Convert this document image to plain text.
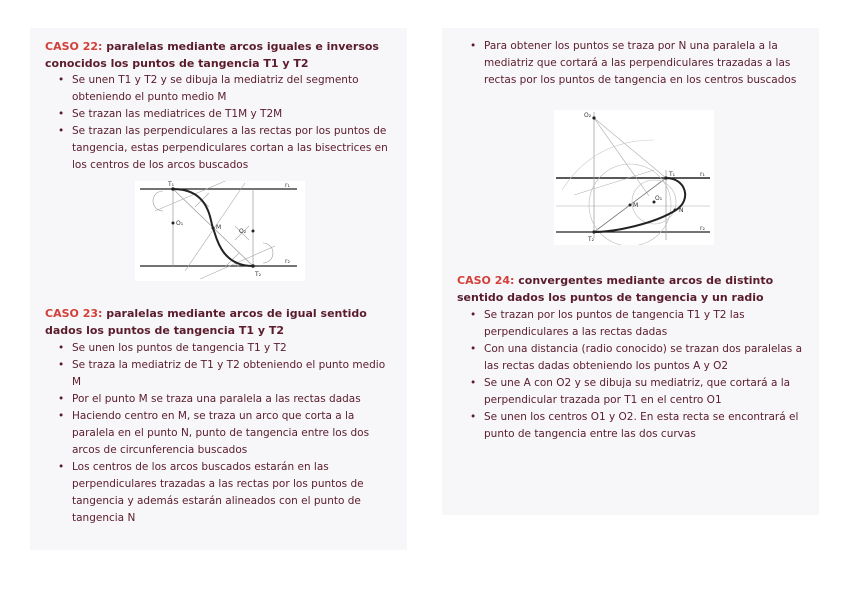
CASO 22: paralelas mediante arcos iguales e inversos conocidos los puntos de tangencia T1 y T2

• Se unen T1 y T2 y se dibuja la mediatriz del segmento obteniendo el punto medio M
• Se trazan las mediatrices de T1M y T2M
• Se trazan las perpendiculares a las rectas por los puntos de tangencia, estas perpendiculares cortan a las bisectrices en los centros de los arcos buscados
T₁	r₁
O₁
M
O₂
r₂
T₂

CASO 23: paralelas mediante arcos de igual sentido dados los puntos de tangencia T1 y T2

• Se unen los puntos de tangencia T1 y T2
• Se traza la mediatriz de T1 y T2 obteniendo el punto medio M
• Por el punto M se traza una paralela a las rectas dadas
• Haciendo centro en M, se traza un arco que corta a la paralela en el punto N, punto de tangencia entre los dos arcos de circunferencia buscados
• Los centros de los arcos buscados estarán en las perpendiculares trazadas a las rectas por los puntos de tangencia y además estarán alineados con el punto de tangencia N
• Para obtener los puntos se traza por N una paralela a la mediatriz que cortará a las perpendiculares trazadas a las rectas por los puntos de tangencia en los centros buscados
O₂
T₁	r₁
M
O₁
N
r₂
T₂

CASO 24: convergentes mediante arcos de distinto sentido dados los puntos de tangencia y un radio

• Se trazan por los puntos de tangencia T1 y T2 las perpendiculares a las rectas dadas
• Con una distancia (radio conocido) se trazan dos paralelas a las rectas dadas obteniendo los puntos A y O2
• Se une A con O2 y se dibuja su mediatriz, que cortará a la perpendicular trazada por T1 en el centro O1
• Se unen los centros O1 y O2. En esta recta se encontrará el punto de tangencia entre las dos curvas
